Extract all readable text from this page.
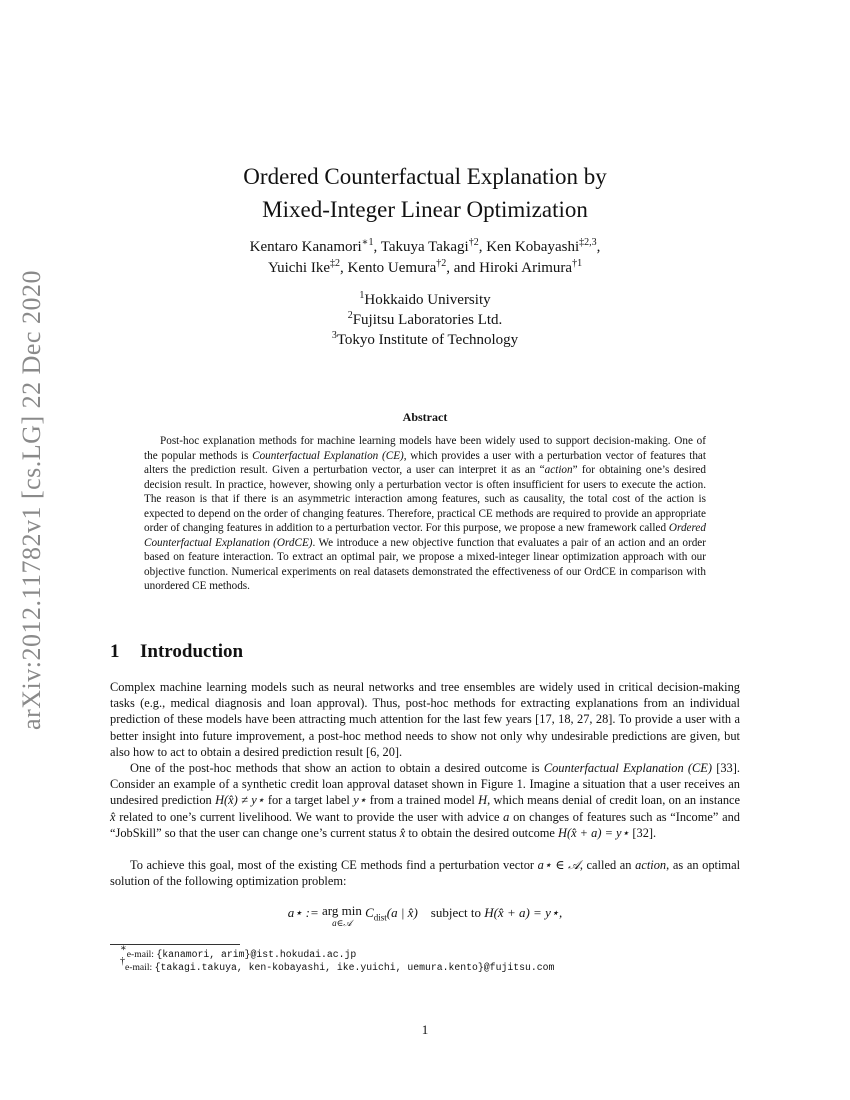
arXiv:2012.11782v1 [cs.LG] 22 Dec 2020
Ordered Counterfactual Explanation by
Mixed-Integer Linear Optimization
Kentaro Kanamori$^{∗1}$, Takuya Takagi$^{\dagger 2}$, Ken Kobayashi$^{\ddagger 2,3}$,
Yuichi Ike$^{\ddagger 2}$, Kento Uemura$^{\dagger 2}$, and Hiroki Arimura$^{\dagger 1}$
$^1$Hokkaido University
$^2$Fujitsu Laboratories Ltd.
$^3$Tokyo Institute of Technology
Abstract

Post-hoc explanation methods for machine learning models have been widely used to support decision-making. One of the popular methods is Counterfactual Explanation (CE), which provides a user with a perturbation vector of features that alters the prediction result. Given a perturbation vector, a user can interpret it as an “action” for obtaining one’s desired decision result. In practice, however, showing only a perturbation vector is often insufficient for users to execute the action. The reason is that if there is an asymmetric interaction among features, such as causality, the total cost of the action is expected to depend on the order of changing features. Therefore, practical CE methods are required to provide an appropriate order of changing features in addition to a perturbation vector. For this purpose, we propose a new framework called Ordered Counterfactual Explanation (OrdCE). We introduce a new objective function that evaluates a pair of an action and an order based on feature interaction. To extract an optimal pair, we propose a mixed-integer linear optimization approach with our objective function. Numerical experiments on real datasets demonstrated the effectiveness of our OrdCE in comparison with unordered CE methods.

1 Introduction

Complex machine learning models such as neural networks and tree ensembles are widely used in critical decision-making tasks (e.g., medical diagnosis and loan approval). Thus, post-hoc methods for extracting explanations from an individual prediction of these models have been attracting much attention for the last few years [17, 18, 27, 28]. To provide a user with a better insight into future improvement, a post-hoc method needs to show not only why undesirable predictions are given, but also how to act to obtain a desired prediction result [6, 20].

One of the post-hoc methods that show an action to obtain a desired outcome is Counterfactual Explanation (CE) [33]. Consider an example of a synthetic credit loan approval dataset shown in Figure 1. Imagine a situation that a user receives an undesired prediction H(x̂) ≠ y⋆ for a target label y⋆ from a trained model H, which means denial of credit loan, on an instance x̂ related to one’s current livelihood. We want to provide the user with advice a on changes of features such as “Income” and “JobSkill” so that the user can change one’s current status x̂ to obtain the desired outcome H(x̂ + a) = y⋆ [32].

To achieve this goal, most of the existing CE methods find a perturbation vector a⋆ ∈ 𝒜, called an action, as an optimal solution of the following optimization problem:

a⋆ := arg min
a∈𝒜
$C_{dist}(a$ | x̂) subject to H(x̂ + a) = y⋆,
∗e-mail: {kanamori, arim}@ist.hokudai.ac.jp
†e-mail: {takagi.takuya, ken-kobayashi, ike.yuichi, uemura.kento}@fujitsu.com
1
